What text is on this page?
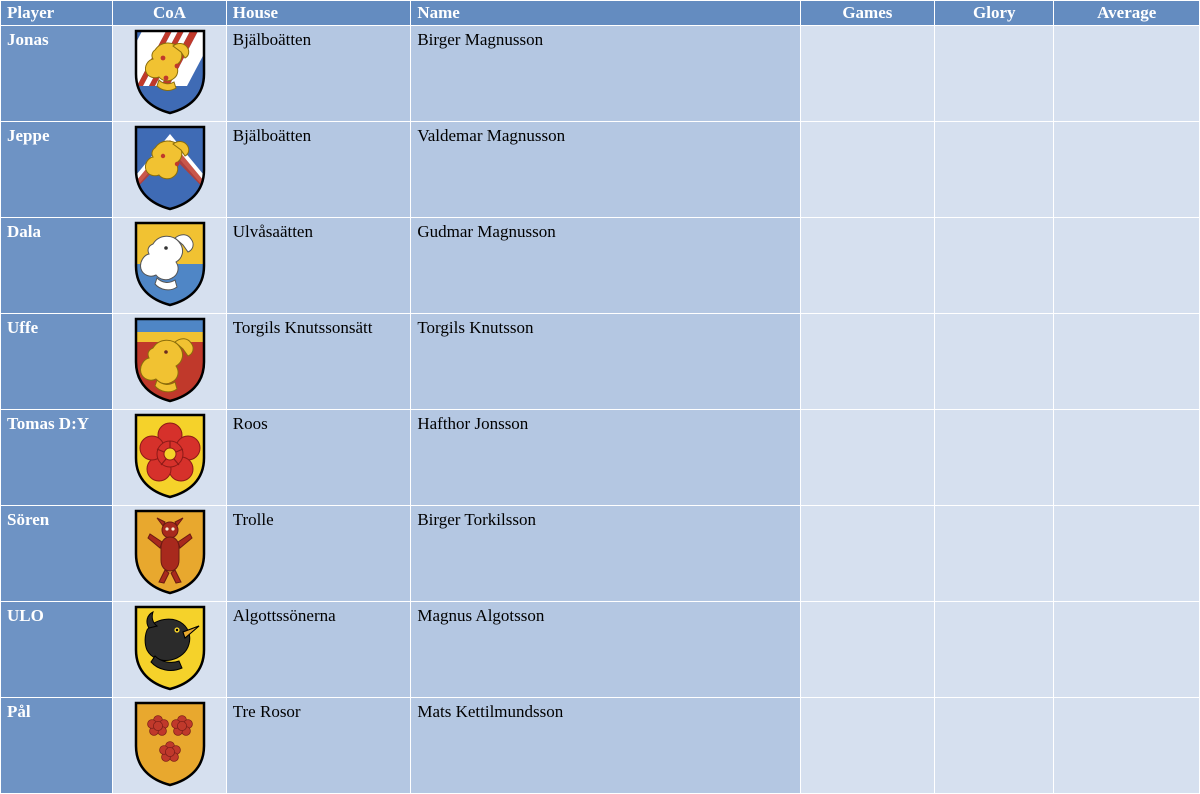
Player	CoA	House	Name	Games	Glory	Average
Jonas		Bjälboätten	Birger Magnusson			
Jeppe		Bjälboätten	Valdemar Magnusson			
Dala		Ulvåsaätten	Gudmar Magnusson			
Uffe		Torgils Knutssonsätt	Torgils Knutsson			
Tomas D:Y		Roos	Hafthor Jonsson			
Sören		Trolle	Birger Torkilsson			
ULO		Algottssönerna	Magnus Algotsson			
Pål		Tre Rosor	Mats Kettilmundsson			
